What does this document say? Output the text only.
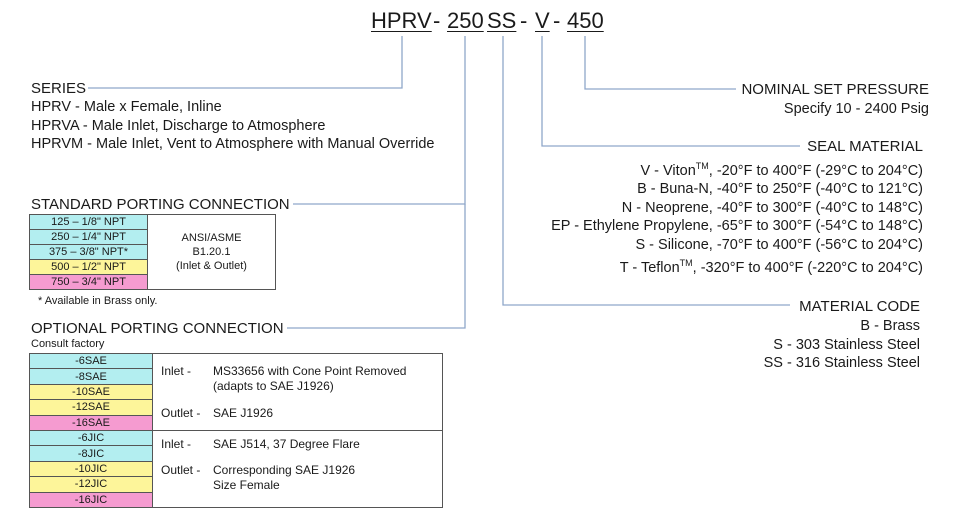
HPRV - 250 SS - V - 450
SERIES
HPRV - Male x Female, Inline
HPRVA - Male Inlet, Discharge to Atmosphere
HPRVM - Male Inlet, Vent to Atmosphere with Manual Override
STANDARD PORTING CONNECTION
125 – 1/8" NPT	
ANSI/ASME
B1.20.1
(Inlet & Outlet)

250 – 1/4" NPT
375 – 3/8" NPT*
500 – 1/2" NPT
750 – 3/4" NPT
* Available in Brass only.
OPTIONAL PORTING CONNECTION
Consult factory
-6SAE	Inlet - MS33656 with Cone Point Removed
(adapts to SAE J1926)
Outlet - SAE J1926

-8SAE	
-10SAE	
-12SAE	
-16SAE	
-6JIC	Inlet - SAE J514, 37 Degree Flare
Outlet - Corresponding SAE J1926
Size Female

-8JIC	
-10JIC	
-12JIC	
-16JIC	
NOMINAL SET PRESSURE
Specify 10 - 2400 Psig
SEAL MATERIAL
V - Viton™, -20°F to 400°F (-29°C to 204°C)
B - Buna-N, -40°F to 250°F (-40°C to 121°C)
N - Neoprene, -40°F to 300°F (-40°C to 148°C)
EP - Ethylene Propylene, -65°F to 300°F (-54°C to 148°C)
S - Silicone, -70°F to 400°F (-56°C to 204°C)
T - Teflon™, -320°F to 400°F (-220°C to 204°C)
MATERIAL CODE
B - Brass
S - 303 Stainless Steel
SS - 316 Stainless Steel
